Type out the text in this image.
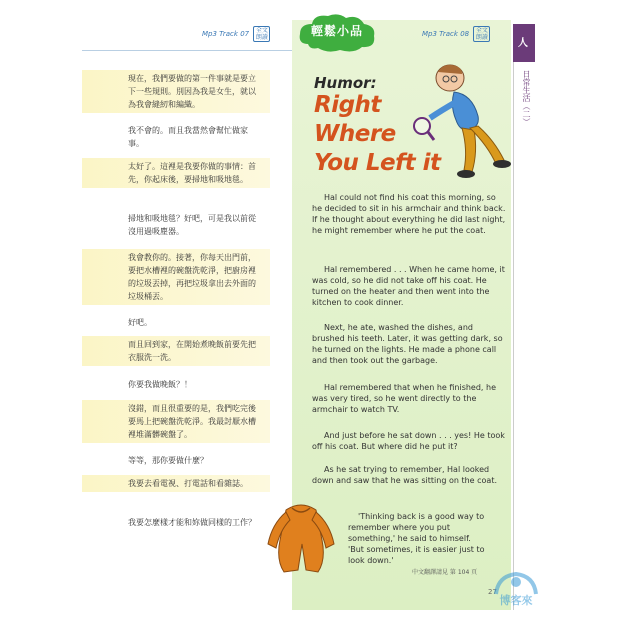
Mp3 Track 07 全文
朗讀
現在，我們要做的第一件事就是要立下一些規則。別因為我是女生，就以為我會縫紉和編織。
我不會的。而且我當然會幫忙做家事。
太好了。這裡是我要你做的事情：首先，你起床後，要掃地和吸地毯。
掃地和吸地毯？好吧，可是我以前從沒用過吸塵器。
我會教你的。接著，你每天出門前，要把水槽裡的碗盤洗乾淨，把廚房裡的垃圾丟掉，再把垃圾拿出去外面的垃圾桶丟。
好吧。
而且回到家，在開始煮晚飯前要先把衣服洗一洗。
你要我做晚飯？！
沒錯，而且很重要的是，我們吃完後要馬上把碗盤洗乾淨。我最討厭水槽裡堆滿髒碗盤了。
等等，那你要做什麼？
我要去看電視、打電話和看雜誌。
我要怎麼樣才能和妳做同樣的工作？
輕鬆小品	Mp3 Track 08 全文
朗讀
Humor:
Right
Where
You Left it
Hal could not find his coat this morning, so he decided to sit in his armchair and think back. If he thought about everything he did last night, he might remember where he put the coat.
Hal remembered . . . When he came home, it was cold, so he did not take off his coat. He turned on the heater and then went into the kitchen to cook dinner.
Next, he ate, washed the dishes, and brushed his teeth. Later, it was getting dark, so he turned on the lights. He made a phone call and then took out the garbage.
Hal remembered that when he finished, he was very tired, so he went directly to the armchair to watch TV.
And just before he sat down . . . yes! He took off his coat. But where did he put it?
As he sat trying to remember, Hal looked down and saw that he was sitting on the coat.
'Thinking back is a good way to remember where you put something,' he said to himself. 'But sometimes, it is easier just to look down.'
中文翻譯請見 第 104 頁
27
人
日常生活（二）
博客來
